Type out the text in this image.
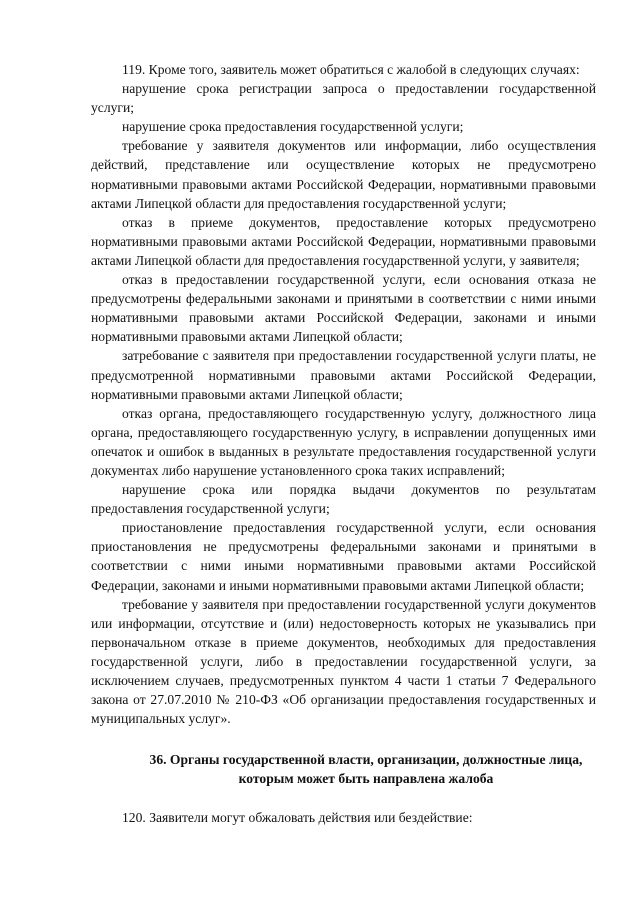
119. Кроме того, заявитель может обратиться с жалобой в следующих случаях:

нарушение срока регистрации запроса о предоставлении государственной услуги;

нарушение срока предоставления государственной услуги;

требование у заявителя документов или информации, либо осуществления действий, представление или осуществление которых не предусмотрено нормативными правовыми актами Российской Федерации, нормативными правовыми актами Липецкой области для предоставления государственной услуги;

отказ в приеме документов, предоставление которых предусмотрено нормативными правовыми актами Российской Федерации, нормативными правовыми актами Липецкой области для предоставления государственной услуги, у заявителя;

отказ в предоставлении государственной услуги, если основания отказа не предусмотрены федеральными законами и принятыми в соответствии с ними иными нормативными правовыми актами Российской Федерации, законами и иными нормативными правовыми актами Липецкой области;

затребование с заявителя при предоставлении государственной услуги платы, не предусмотренной нормативными правовыми актами Российской Федерации, нормативными правовыми актами Липецкой области;

отказ органа, предоставляющего государственную услугу, должностного лица органа, предоставляющего государственную услугу, в исправлении допущенных ими опечаток и ошибок в выданных в результате предоставления государственной услуги документах либо нарушение установленного срока таких исправлений;

нарушение срока или порядка выдачи документов по результатам предоставления государственной услуги;

приостановление предоставления государственной услуги, если основания приостановления не предусмотрены федеральными законами и принятыми в соответствии с ними иными нормативными правовыми актами Российской Федерации, законами и иными нормативными правовыми актами Липецкой области;

требование у заявителя при предоставлении государственной услуги документов или информации, отсутствие и (или) недостоверность которых не указывались при первоначальном отказе в приеме документов, необходимых для предоставления государственной услуги, либо в предоставлении государственной услуги, за исключением случаев, предусмотренных пунктом 4 части 1 статьи 7 Федерального закона от 27.07.2010 № 210-ФЗ «Об организации предоставления государственных и муниципальных услуг».

36. Органы государственной власти, организации, должностные лица, которым может быть направлена жалоба

120. Заявители могут обжаловать действия или бездействие:
